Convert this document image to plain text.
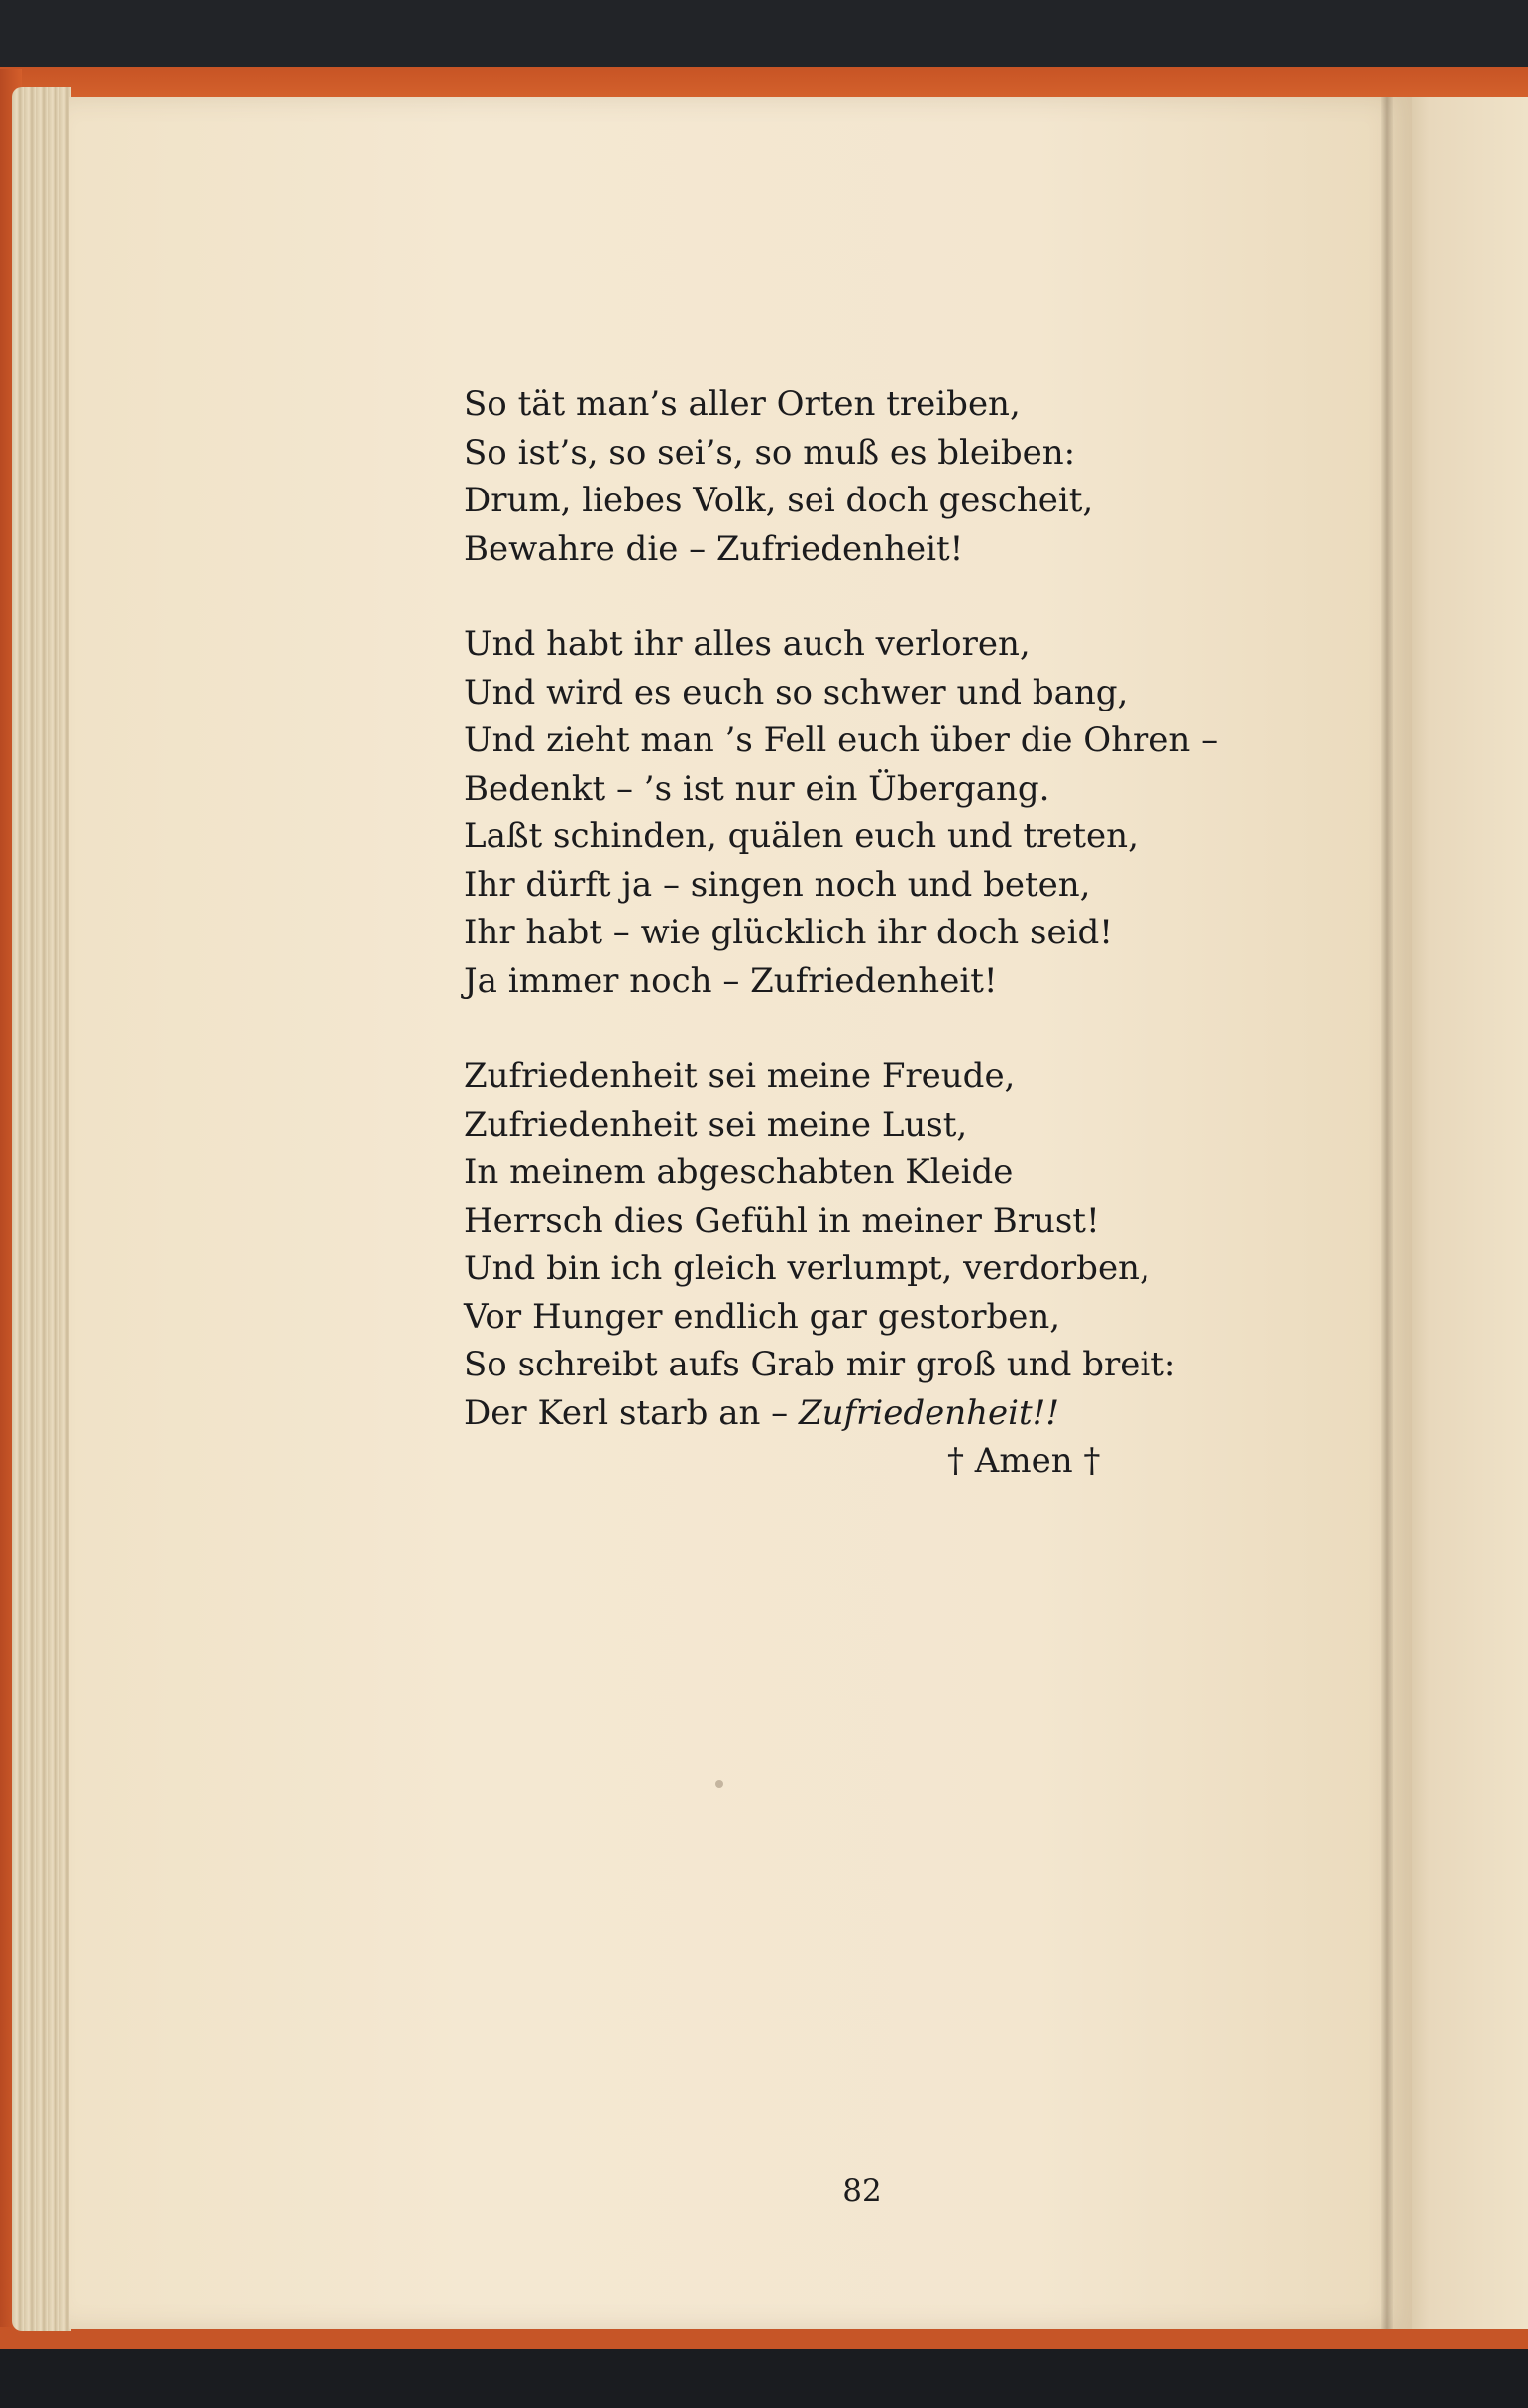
So tät man’s aller Orten treiben,
So ist’s, so sei’s, so muß es bleiben:
Drum, liebes Volk, sei doch gescheit,
Bewahre die – Zufriedenheit!
Und habt ihr alles auch verloren,
Und wird es euch so schwer und bang,
Und zieht man ’s Fell euch über die Ohren –
Bedenkt – ’s ist nur ein Übergang.
Laßt schinden, quälen euch und treten,
Ihr dürft ja – singen noch und beten,
Ihr habt – wie glücklich ihr doch seid!
Ja immer noch – Zufriedenheit!
Zufriedenheit sei meine Freude,
Zufriedenheit sei meine Lust,
In meinem abgeschabten Kleide
Herrsch dies Gefühl in meiner Brust!
Und bin ich gleich verlumpt, verdorben,
Vor Hunger endlich gar gestorben,
So schreibt aufs Grab mir groß und breit:
Der Kerl starb an – Zufriedenheit!!
† Amen †
82
